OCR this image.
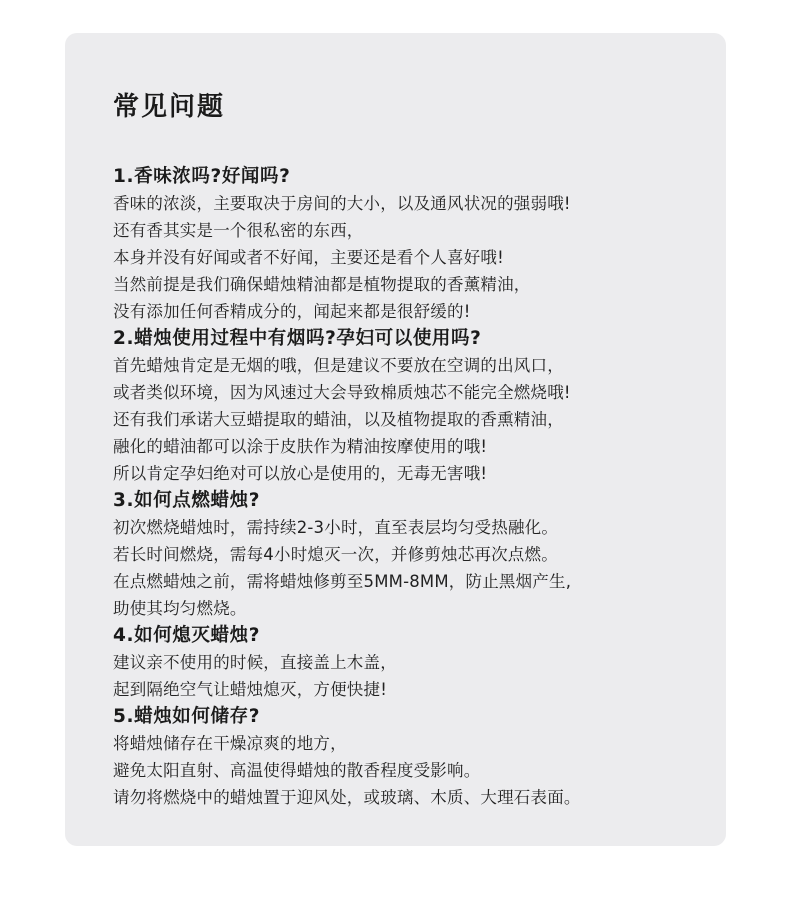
常见问题
1.香味浓吗?好闻吗?
香味的浓淡，主要取决于房间的大小，以及通风状况的强弱哦!
还有香其实是一个很私密的东西，
本身并没有好闻或者不好闻，主要还是看个人喜好哦!
当然前提是我们确保蜡烛精油都是植物提取的香薰精油，
没有添加任何香精成分的，闻起来都是很舒缓的!
2.蜡烛使用过程中有烟吗?孕妇可以使用吗?
首先蜡烛肯定是无烟的哦，但是建议不要放在空调的出风口，
或者类似环境，因为风速过大会导致棉质烛芯不能完全燃烧哦!
还有我们承诺大豆蜡提取的蜡油，以及植物提取的香熏精油，
融化的蜡油都可以涂于皮肤作为精油按摩使用的哦!
所以肯定孕妇绝对可以放心是使用的，无毒无害哦!
3.如何点燃蜡烛?
初次燃烧蜡烛时，需持续2-3小时，直至表层均匀受热融化。
若长时间燃烧，需每4小时熄灭一次，并修剪烛芯再次点燃。
在点燃蜡烛之前，需将蜡烛修剪至5MM-8MM，防止黑烟产生,
助使其均匀燃烧。
4.如何熄灭蜡烛?
建议亲不使用的时候，直接盖上木盖，
起到隔绝空气让蜡烛熄灭，方便快捷!
5.蜡烛如何储存?
将蜡烛储存在干燥凉爽的地方，
避免太阳直射、高温使得蜡烛的散香程度受影响。
请勿将燃烧中的蜡烛置于迎风处，或玻璃、木质、大理石表面。
